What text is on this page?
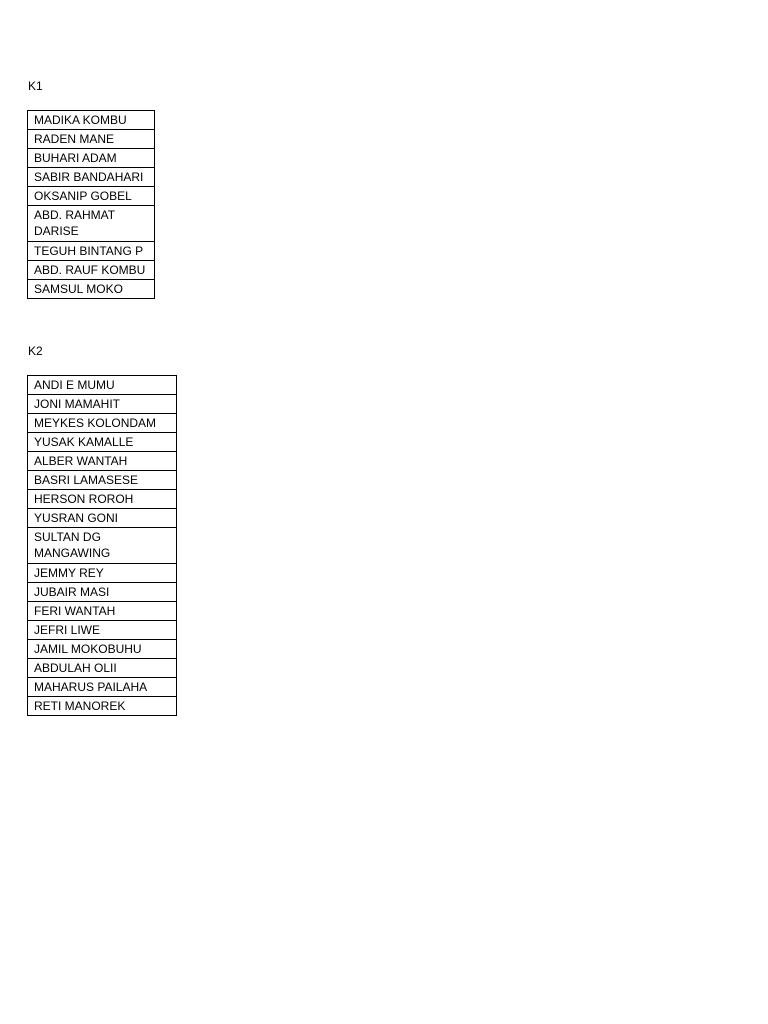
K1
MADIKA KOMBU
RADEN MANE
BUHARI ADAM
SABIR BANDAHARI
OKSANIP GOBEL
ABD. RAHMAT DARISE
TEGUH BINTANG P
ABD. RAUF KOMBU
SAMSUL MOKO
K2
ANDI E MUMU
JONI MAMAHIT
MEYKES KOLONDAM
YUSAK KAMALLE
ALBER WANTAH
BASRI LAMASESE
HERSON ROROH
YUSRAN GONI
SULTAN DG MANGAWING
JEMMY REY
JUBAIR MASI
FERI WANTAH
JEFRI LIWE
JAMIL MOKOBUHU
ABDULAH OLII
MAHARUS PAILAHA
RETI MANOREK
